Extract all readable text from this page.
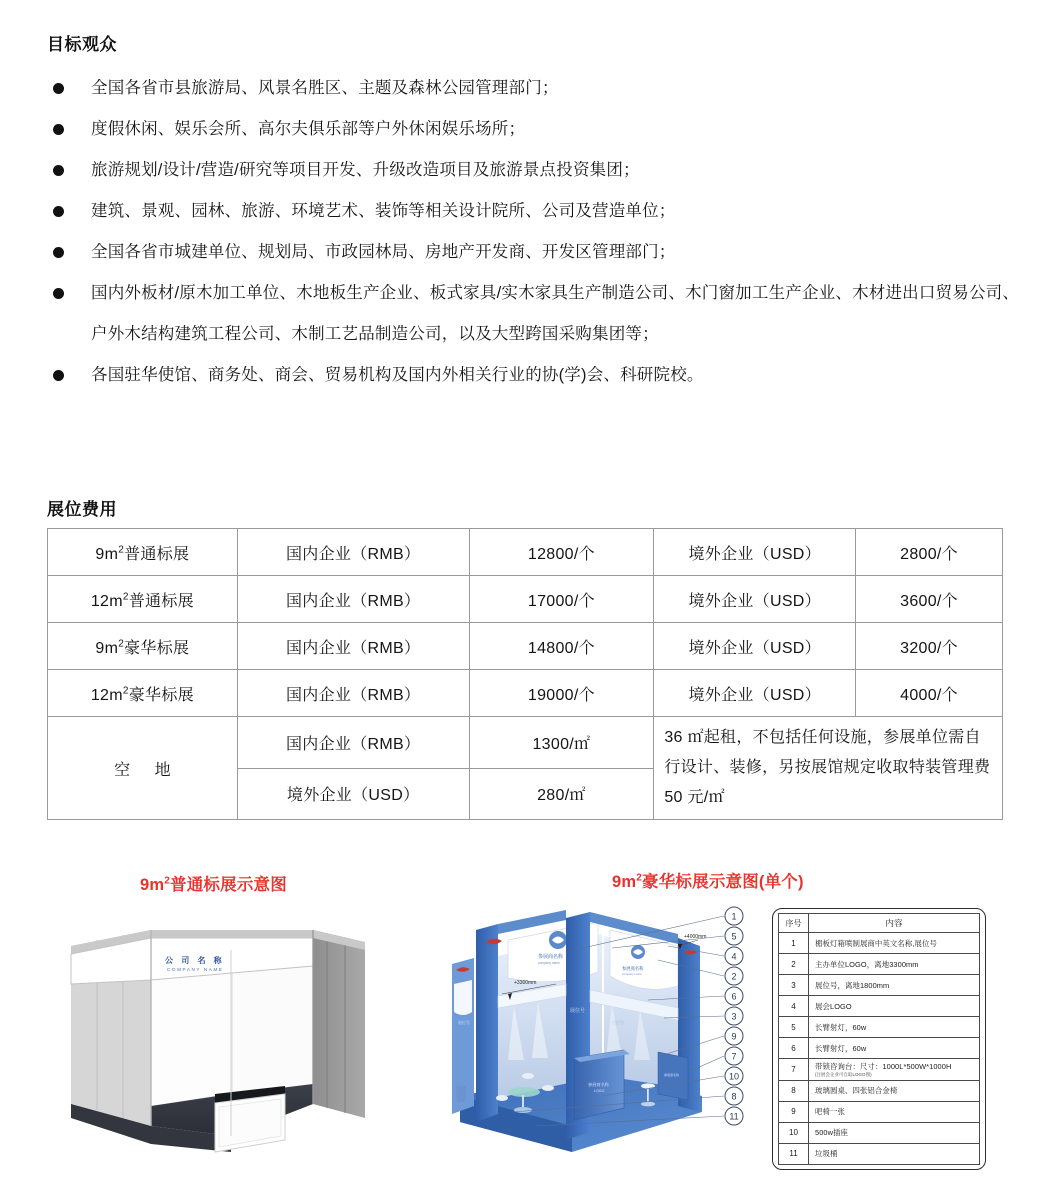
目标观众
全国各省市县旅游局、风景名胜区、主题及森林公园管理部门；
度假休闲、娱乐会所、高尔夫俱乐部等户外休闲娱乐场所；
旅游规划/设计/营造/研究等项目开发、升级改造项目及旅游景点投资集团；
建筑、景观、园林、旅游、环境艺术、装饰等相关设计院所、公司及营造单位；
全国各省市城建单位、规划局、市政园林局、房地产开发商、开发区管理部门；
国内外板材/原木加工单位、木地板生产企业、板式家具/实木家具生产制造公司、木门窗加工生产企业、木材进出口贸易公司、户外木结构建筑工程公司、木制工艺品制造公司，以及大型跨国采购集团等；
各国驻华使馆、商务处、商会、贸易机构及国内外相关行业的协(学)会、科研院校。
展位费用
$9m^2$普通标展	国内企业（RMB）	12800/个	境外企业（USD）	2800/个
$12m^2$普通标展	国内企业（RMB）	17000/个	境外企业（USD）	3600/个
$9m^2$豪华标展	国内企业（RMB）	14800/个	境外企业（USD）	3200/个
$12m^2$豪华标展	国内企业（RMB）	19000/个	境外企业（USD）	4000/个
空 地	国内企业（RMB）	1300/㎡	36 ㎡起租，不包括任何设施，参展单位需自行设计、装修，另按展馆规定收取特装管理费 50 元/㎡	
	境外企业（USD）	280/㎡		
$9m^2$普通标展示意图	$9m^2$豪华标展示意图(单个)
公 司 名 称
COMPANY NAME
参展商名称
company name
参展商名称
company name
展位号
展位号	展位号
参展商名称
LOGO
参展商名称
+4000mm
+3300mm
1
5
4
2
6
3
9
7
10
8
11
序号	内容
1	楣板灯箱喷制展商中英文名称,展位号
2	主办单位LOGO，离地3300mm
3	展位号，离地1800mm
4	展会LOGO
5	长臂射灯，60w
6	长臂射灯，60w
7	带锁咨询台：尺寸：1000L*500W*1000H
(注展会企业可自取LOGO图)

8	玻璃圆桌、四张铝合金椅
9	吧椅一张
10	500w插座
11	垃圾桶
